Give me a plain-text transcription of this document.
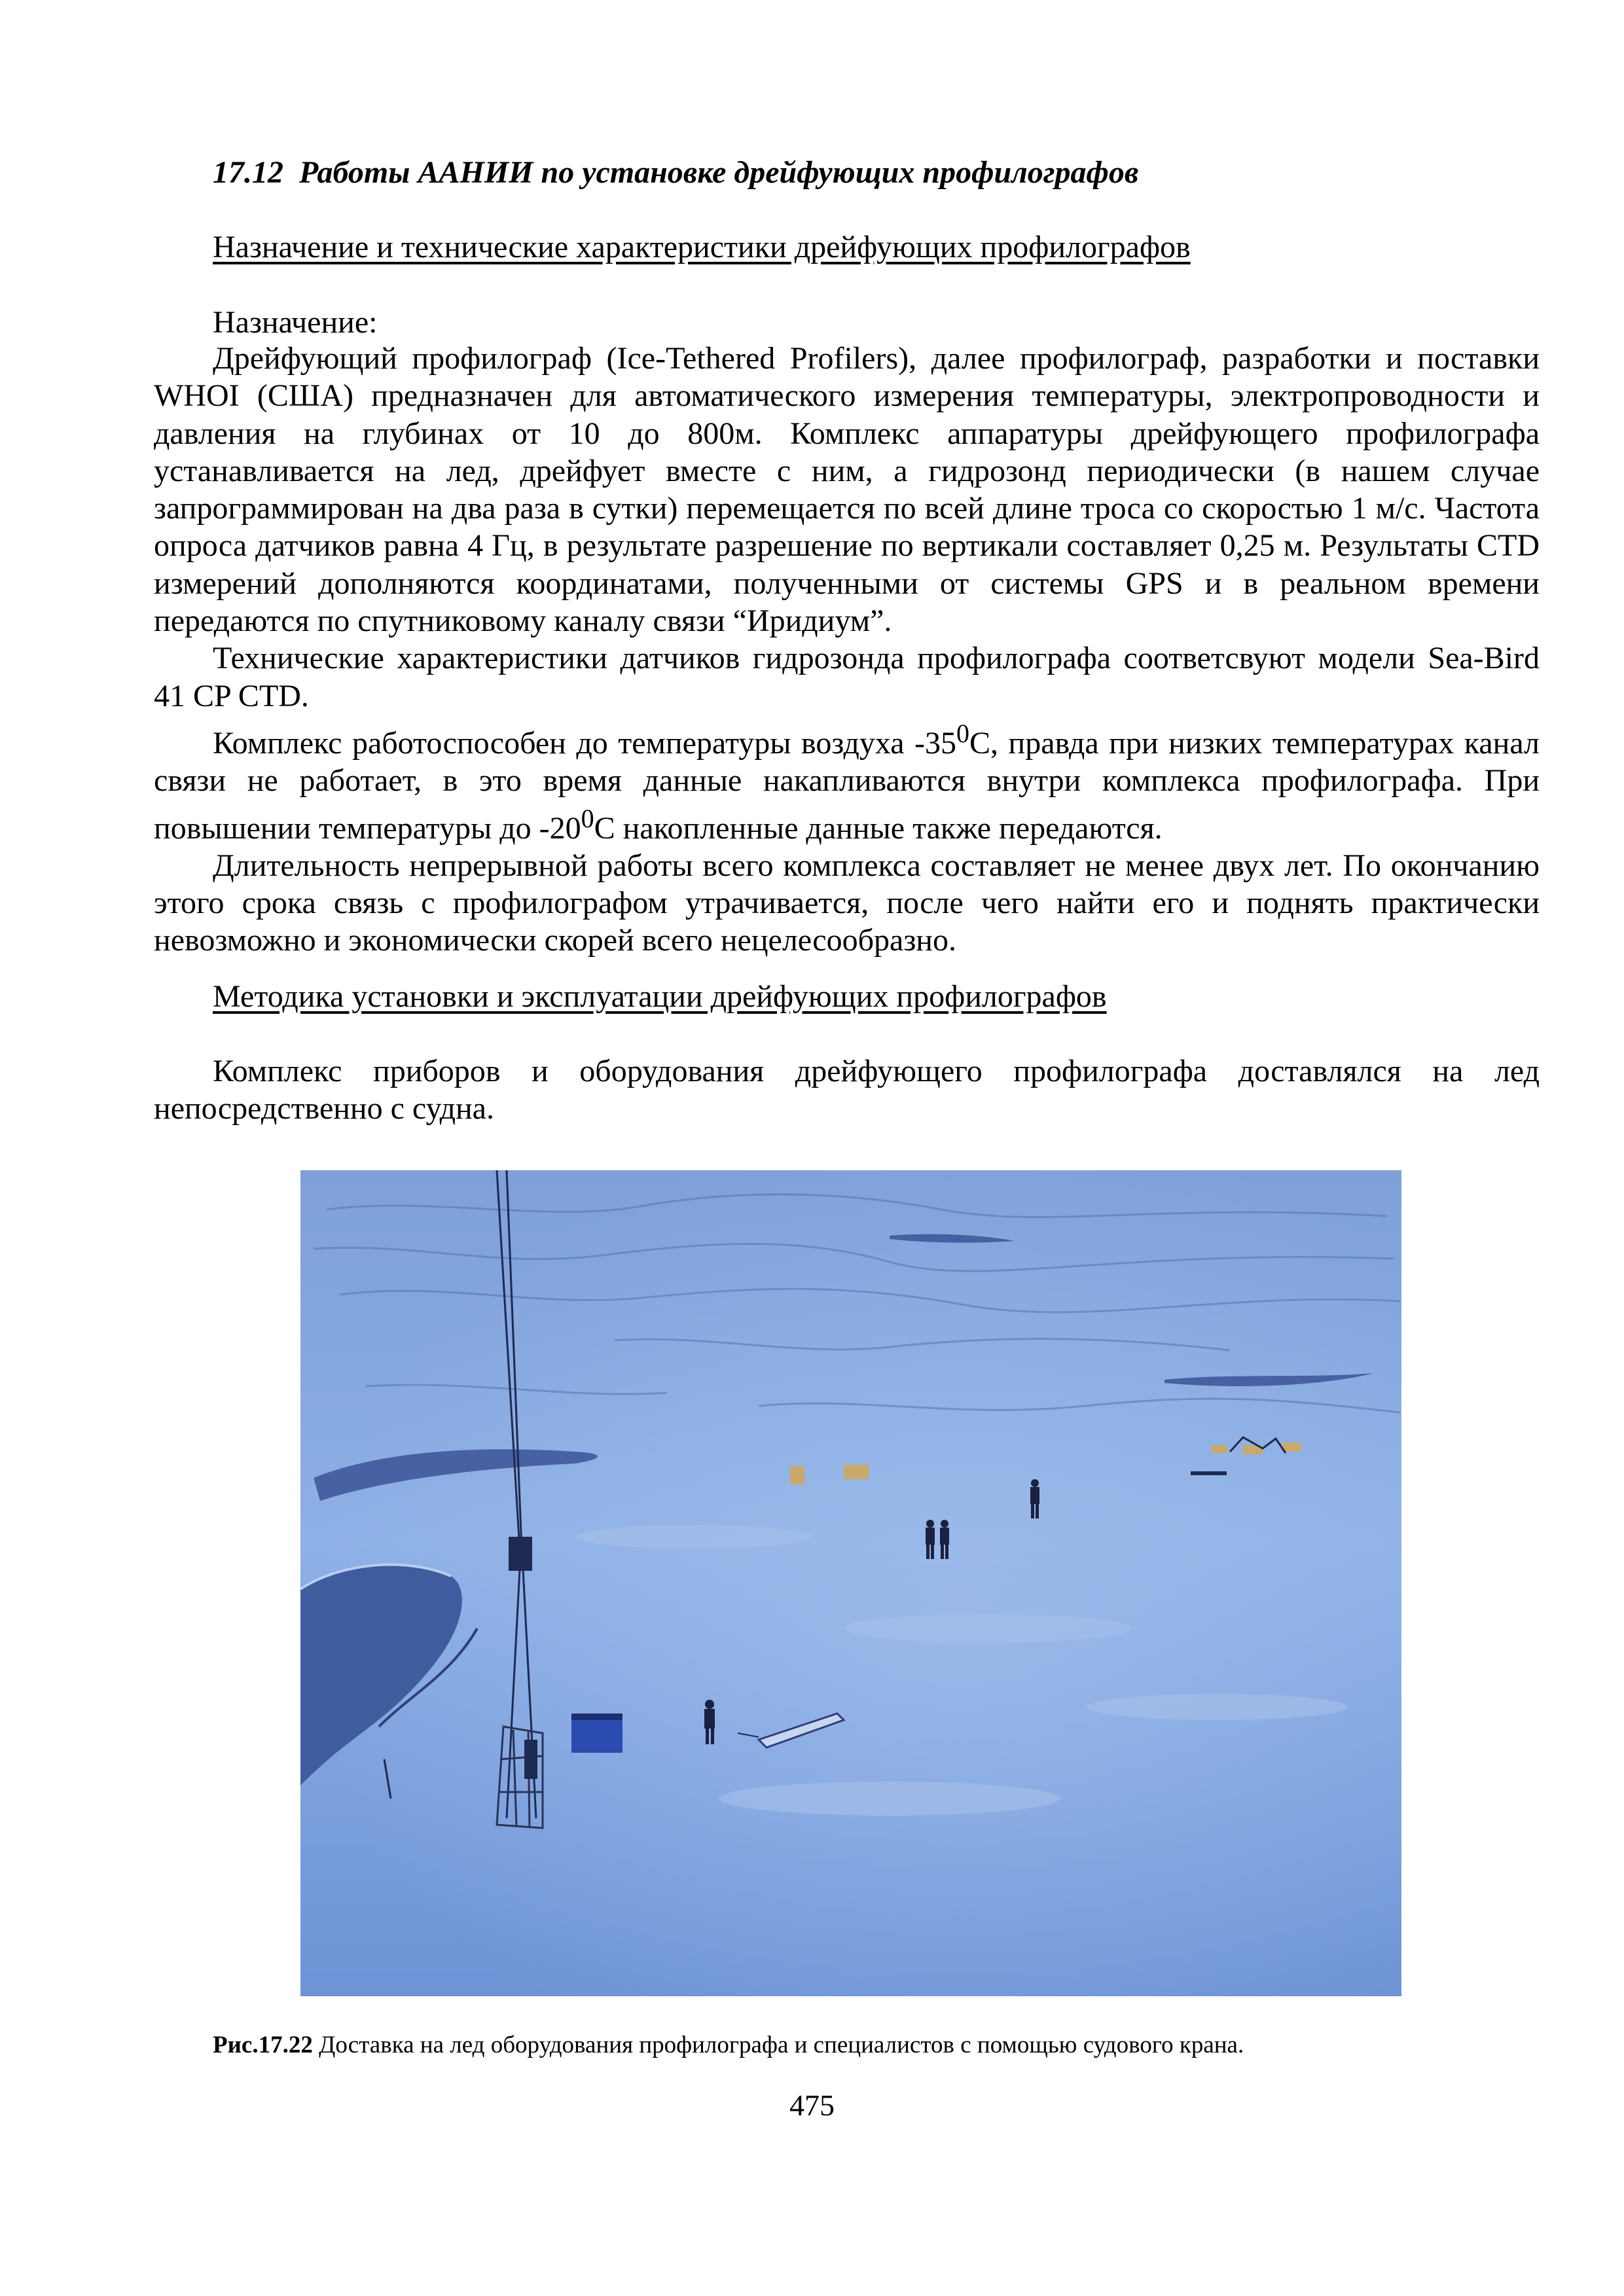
17.12 Работы ААНИИ по установке дрейфующих профилографов

Назначение и технические характеристики дрейфующих профилографов

Назначение:

Дрейфующий профилограф (Ice-Tethered Profilers), далее профилограф, разработки и поставки WHOI (США) предназначен для автоматического измерения температуры, электропроводности и давления на глубинах от 10 до 800м. Комплекс аппаратуры дрейфующего профилографа устанавливается на лед, дрейфует вместе с ним, а гидрозонд периодически (в нашем случае запрограммирован на два раза в сутки) перемещается по всей длине троса со скоростью 1 м/с. Частота опроса датчиков равна 4 Гц, в результате разрешение по вертикали составляет 0,25 м. Результаты CTD измерений дополняются координатами, полученными от системы GPS и в реальном времени передаются по спутниковому каналу связи “Иридиум”.

Технические характеристики датчиков гидрозонда профилографа соответсвуют модели Sea-Bird 41 CP CTD.

Комплекс работоспособен до температуры воздуха $-35^0С$, правда при низких температурах канал связи не работает, в это время данные накапливаются внутри комплекса профилографа. При повышении температуры до $-20^0С$ накопленные данные также передаются.

Длительность непрерывной работы всего комплекса составляет не менее двух лет. По окончанию этого срока связь с профилографом утрачивается, после чего найти его и поднять практически невозможно и экономически скорей всего нецелесообразно.

Методика установки и эксплуатации дрейфующих профилографов

Комплекс приборов и оборудования дрейфующего профилографа доставлялся на лед непосредственно с судна.

Рис.17.22 Доставка на лед оборудования профилографа и специалистов с помощью судового крана.

475
